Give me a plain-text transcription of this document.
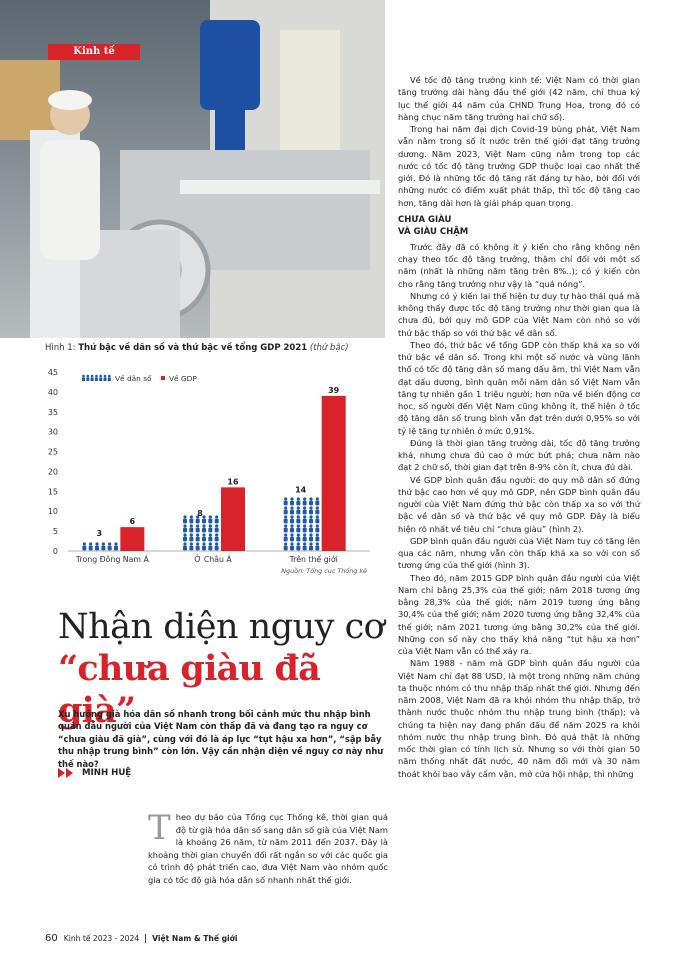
Kinh tế
Hình 1: Thứ bậc về dân số và thứ bậc về tổng GDP 2021 (thứ bậc)
0
5
10
15
20
25
30
35
40
45
3
6
Trong Đông Nam Á
8
16
Ở Châu Á
14
39
Trên thế giới
Về dân số Về GDP
Nguồn: Tổng cục Thống kê
Nhận diện nguy cơ
“chưa giàu đã già”
Xu hướng già hóa dân số nhanh trong bối cảnh mức thu nhập bình quân đầu người của Việt Nam còn thấp đã và đang tạo ra nguy cơ “chưa giàu đã già”, cùng với đó là áp lực “tụt hậu xa hơn”, “sập bẫy thu nhập trung bình” còn lớn. Vậy cần nhận diện về nguy cơ này như thế nào?
MINH HUỆ
Theo dự báo của Tổng cục Thống kê, thời gian quá độ từ già hóa dân số sang dân số già của Việt Nam là khoảng 26 năm, từ năm 2011 đến 2037. Đây là khoảng thời gian chuyển đổi rất ngắn so với các quốc gia có trình độ phát triển cao, đưa Việt Nam vào nhóm quốc gia có tốc độ già hóa dân số nhanh nhất thế giới.

Về tốc độ tăng trưởng kinh tế: Việt Nam có thời gian tăng trưởng dài hàng đầu thế giới (42 năm, chỉ thua kỷ lục thế giới 44 năm của CHND Trung Hoa, trong đó có hàng chục năm tăng trưởng hai chữ số).

Trong hai năm đại dịch Covid-19 bùng phát, Việt Nam vẫn nằm trong số ít nước trên thế giới đạt tăng trưởng dương. Năm 2023, Việt Nam cũng nằm trong top các nước có tốc độ tăng trưởng GDP thuộc loại cao nhất thế giới. Đó là những tốc độ tăng rất đáng tự hào, bởi đối với những nước có điểm xuất phát thấp, thì tốc độ tăng cao hơn, tăng dài hơn là giải pháp quan trọng.

CHƯA GIÀU
VÀ GIÀU CHẬM

Trước đây đã có không ít ý kiến cho rằng không nên chạy theo tốc độ tăng trưởng, thậm chí đối với một số năm (nhất là những năm tăng trên 8%..); có ý kiến còn cho rằng tăng trưởng như vậy là “quá nóng”.

Nhưng có ý kiến lại thể hiện tư duy tự hào thái quá mà không thấy được tốc độ tăng trưởng như thời gian qua là chưa đủ, bởi quy mô GDP của Việt Nam còn nhỏ so với thứ bậc thấp so với thứ bậc về dân số.

Theo đó, thứ bậc về tổng GDP còn thấp khá xa so với thứ bậc về dân số. Trong khi một số nước và vùng lãnh thổ có tốc độ tăng dân số mang dấu âm, thì Việt Nam vẫn đạt dấu dương, bình quân mỗi năm dân số Việt Nam vẫn tăng tự nhiên gần 1 triệu người; hơn nữa về biến động cơ học, số người đến Việt Nam cũng không ít, thể hiện ở tốc độ tăng dân số trung bình vẫn đạt trên dưới 0,95% so với tỷ lệ tăng tự nhiên ở mức 0,91%.

Đúng là thời gian tăng trưởng dài, tốc độ tăng trưởng khá, nhưng chưa đủ cao ở mức bứt phá; chưa năm nào đạt 2 chữ số, thời gian đạt trên 8-9% còn ít, chưa đủ dài.

Về GDP bình quân đầu người: do quy mô dân số đứng thứ bậc cao hơn về quy mô GDP, nên GDP bình quân đầu người của Việt Nam đứng thứ bậc còn thấp xa so với thứ bậc về dân số và thứ bậc về quy mô GDP. Đây là biểu hiện rõ nhất về tiêu chí “chưa giàu” (hình 2).

GDP bình quân đầu người của Việt Nam tuy có tăng lên qua các năm, nhưng vẫn còn thấp khá xa so với con số tương ứng của thế giới (hình 3).

Theo đó, năm 2015 GDP bình quân đầu người của Việt Nam chỉ bằng 25,3% của thế giới; năm 2018 tương ứng bằng 28,3% của thế giới; năm 2019 tương ứng bằng 30,4% của thế giới; năm 2020 tương ứng bằng 32,4% của thế giới; năm 2021 tương ứng bằng 30,2% của thế giới. Những con số này cho thấy khả năng “tụt hậu xa hơn” của Việt Nam vẫn có thể xảy ra.

Năm 1988 - năm mà GDP bình quân đầu người của Việt Nam chỉ đạt 88 USD, là một trong những năm chúng ta thuộc nhóm có thu nhập thấp nhất thế giới. Nhưng đến năm 2008, Việt Nam đã ra khỏi nhóm thu nhập thấp, trở thành nước thuộc nhóm thu nhập trung bình (thấp); và chúng ta hiện nay đang phấn đấu để năm 2025 ra khỏi nhóm nước thu nhập trung bình. Đó quả thật là những mốc thời gian có tính lịch sử. Nhưng so với thời gian 50 năm thống nhất đất nước, 40 năm đổi mới và 30 năm thoát khỏi bao vây cấm vận, mở cửa hội nhập, thì những

60 Kinh tế 2023 - 2024 Việt Nam & Thế giới
